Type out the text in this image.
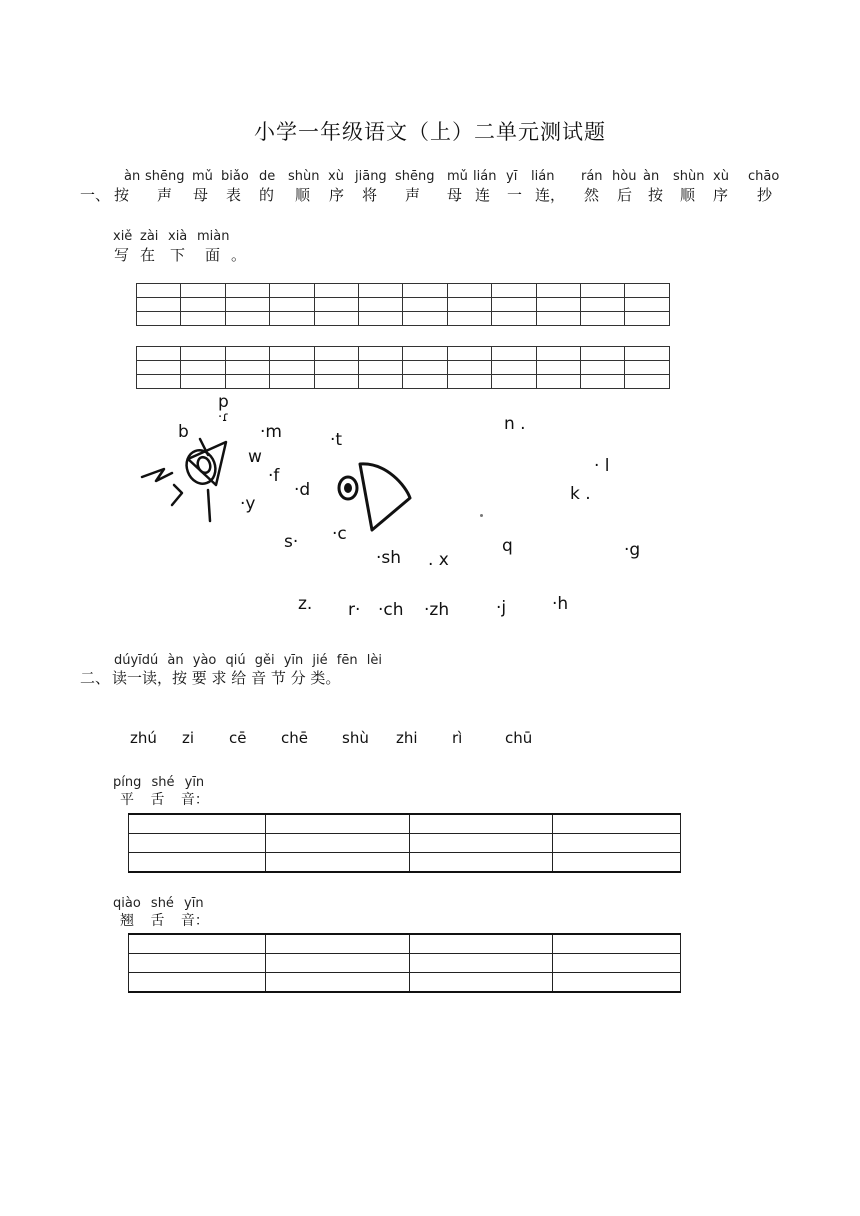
小学一年级语文（上）二单元测试题
一、
àn shēng mǔ biǎo de shùn xù jiāng shēng mǔ lián yī lián rán hòu àn shùn xù chāo
按 声 母 表 的 顺 序 将 声 母 连 一 连， 然 后 按 顺 序 抄
xiě zài xià miàn
写 在 下 面 。

p
·ɾ
b	·m	·t
n .
w
·f
·d
· l
k .
·y
s· ·c
q	·g
·sh . x
z. r· ·ch ·zh	·j	·h
dúyīdú àn yào qiú gěi yīn jié fēn lèi
二、 读一读，按 要 求 给 音 节 分 类。
zhú zi cē chē shù zhi rì	chū
píng shé yīn
平 舌 音：

qiào shé yīn
翘 舌 音：
